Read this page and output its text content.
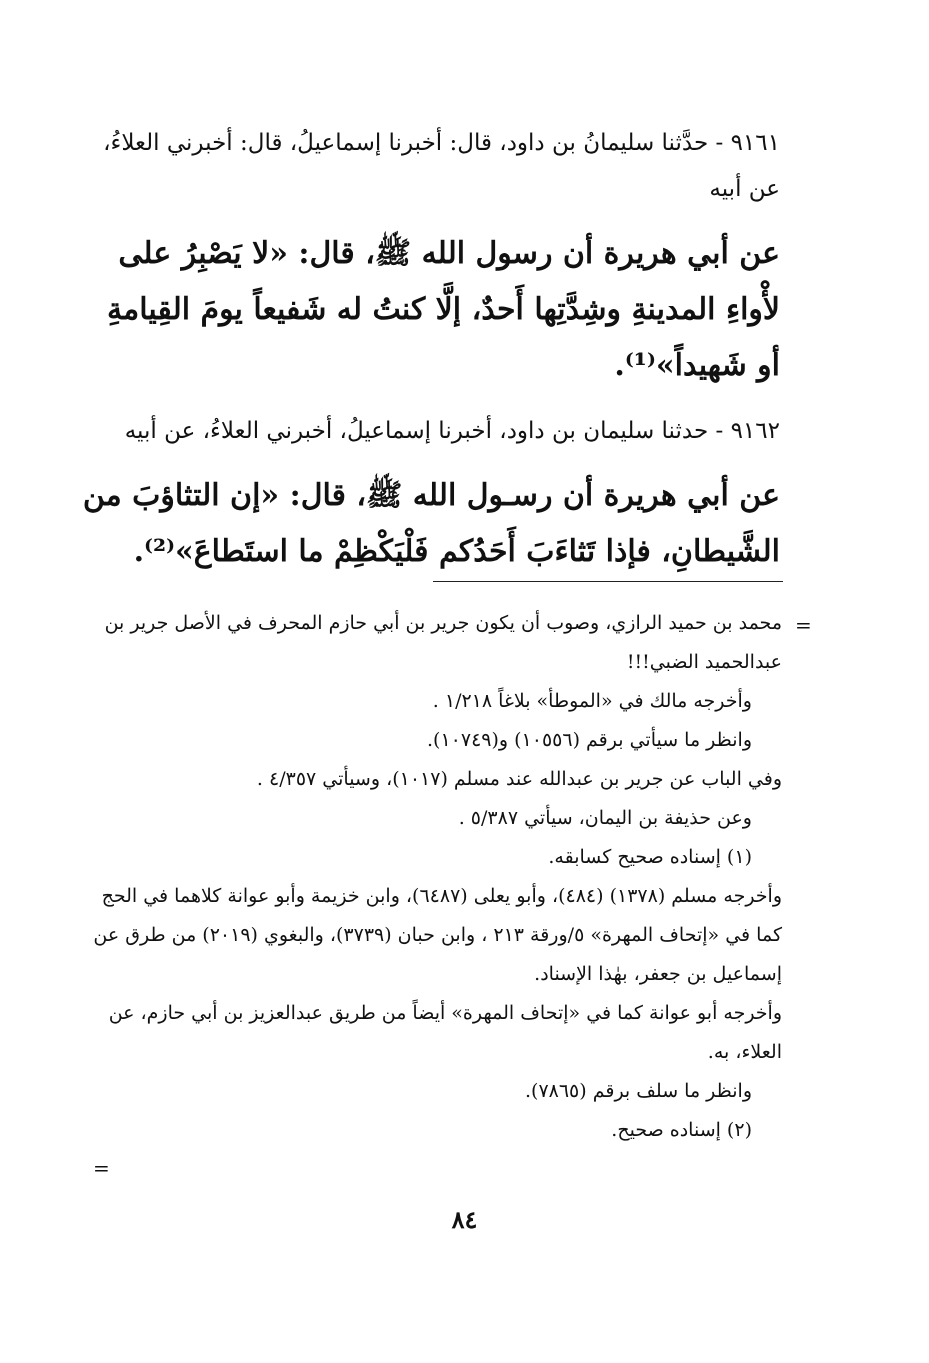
٩١٦١ - حدَّثنا سليمانُ بن داود، قال: أخبرنا إسماعيلُ، قال: أخبرني العلاءُ، عن أبيه

عن أبي هريرة أن رسول الله ﷺ، قال: «لا يَصْبِرُ على لأْواءِ المدينةِ وشِدَّتِها أَحدٌ، إلَّا كنتُ له شَفيعاً يومَ القِيامةِ أو شَهيداً»⁽¹⁾.

٩١٦٢ - حدثنا سليمان بن داود، أخبرنا إسماعيلُ، أخبرني العلاءُ، عن أبيه

عن أبي هريرة أن رسـول الله ﷺ، قال: «إن التثاؤبَ من الشَّيطانِ، فإذا تَثاءَبَ أَحَدُكم فَلْيَكْظِمْ ما استَطاعَ»⁽²⁾.

=

محمد بن حميد الرازي، وصوب أن يكون جرير بن أبي حازم المحرف في الأصل جرير بن عبدالحميد الضبي!!!

وأخرجه مالك في «الموطأ» بلاغاً ١/٢١٨ .

وانظر ما سيأتي برقم (١٠٥٥٦) و(١٠٧٤٩).

وفي الباب عن جرير بن عبدالله عند مسلم (١٠١٧)، وسيأتي ٤/٣٥٧ .

وعن حذيفة بن اليمان، سيأتي ٥/٣٨٧ .

(١) إسناده صحيح كسابقه.

وأخرجه مسلم (١٣٧٨) (٤٨٤)، وأبو يعلى (٦٤٨٧)، وابن خزيمة وأبو عوانة كلاهما في الحج كما في «إتحاف المهرة» ٥/ورقة ٢١٣ ، وابن حبان (٣٧٣٩)، والبغوي (٢٠١٩) من طرق عن إسماعيل بن جعفر، بهٰذا الإسناد.

وأخرجه أبو عوانة كما في «إتحاف المهرة» أيضاً من طريق عبدالعزيز بن أبي حازم، عن العلاء، به.

وانظر ما سلف برقم (٧٨٦٥).

(٢) إسناده صحيح.

=
٨٤
